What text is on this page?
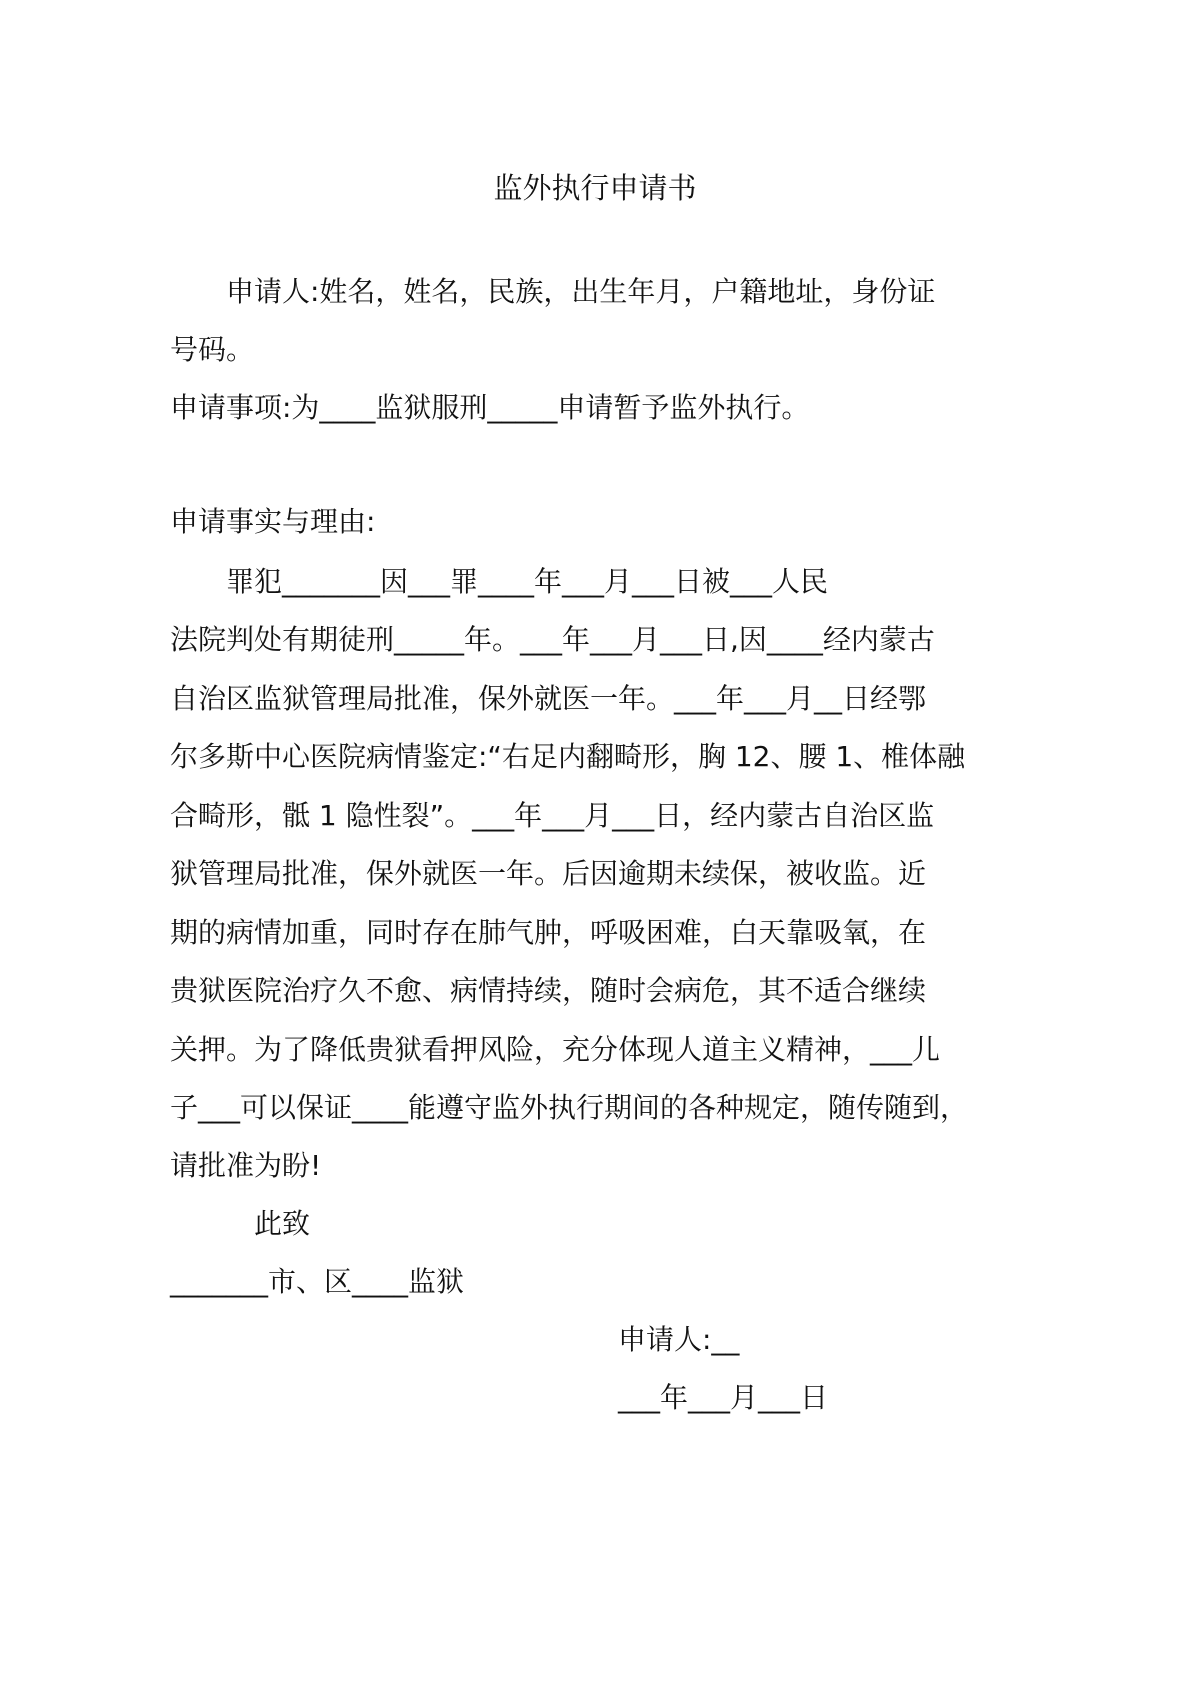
监外执行申请书
申请人:姓名，姓名，民族，出生年月，户籍地址，身份证
号码。
申请事项:为____监狱服刑_____申请暂予监外执行。
申请事实与理由:
罪犯_______因___罪____年___月___日被___人民
法院判处有期徒刑_____年。___年___月___日,因____经内蒙古
自治区监狱管理局批准，保外就医一年。___年___月__日经鄂
尔多斯中心医院病情鉴定:“右足内翻畸形，胸 12、腰 1、椎体融
合畸形，骶 1 隐性裂”。___年___月___日，经内蒙古自治区监
狱管理局批准，保外就医一年。后因逾期未续保，被收监。近
期的病情加重，同时存在肺气肿，呼吸困难，白天靠吸氧，在
贵狱医院治疗久不愈、病情持续，随时会病危，其不适合继续
关押。为了降低贵狱看押风险，充分体现人道主义精神，___儿
子___可以保证____能遵守监外执行期间的各种规定，随传随到，
请批准为盼!
此致
_______市、区____监狱
申请人:__
___年___月___日
